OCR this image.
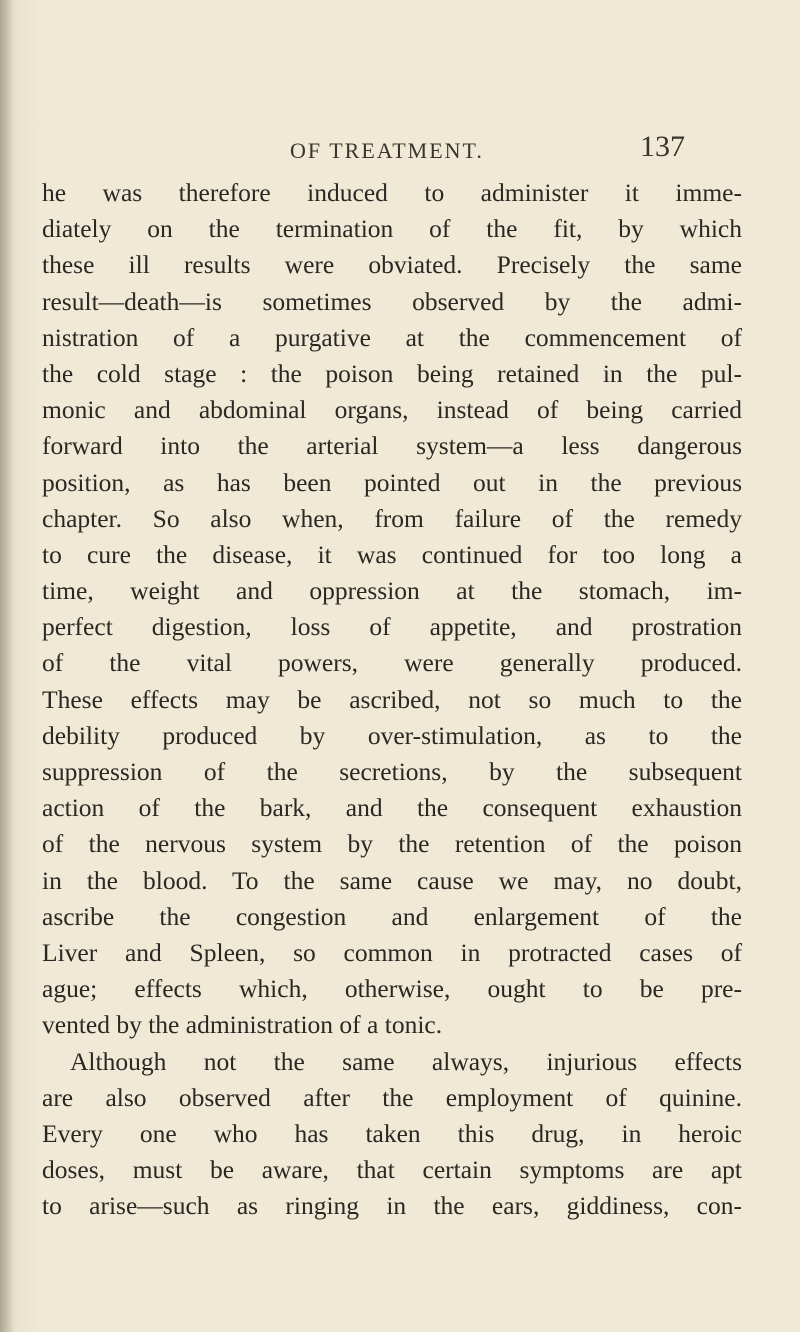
OF TREATMENT.	137
he was therefore induced to administer it imme-
diately on the termination of the fit, by which
these ill results were obviated. Precisely the same
result—death—is sometimes observed by the admi-
nistration of a purgative at the commencement of
the cold stage : the poison being retained in the pul-
monic and abdominal organs, instead of being carried
forward into the arterial system—a less dangerous
position, as has been pointed out in the previous
chapter. So also when, from failure of the remedy
to cure the disease, it was continued for too long a
time, weight and oppression at the stomach, im-
perfect digestion, loss of appetite, and prostration
of the vital powers, were generally produced.
These effects may be ascribed, not so much to the
debility produced by over-stimulation, as to the
suppression of the secretions, by the subsequent
action of the bark, and the consequent exhaustion
of the nervous system by the retention of the poison
in the blood. To the same cause we may, no doubt,
ascribe the congestion and enlargement of the
Liver and Spleen, so common in protracted cases of
ague; effects which, otherwise, ought to be pre-
vented by the administration of a tonic.
Although not the same always, injurious effects
are also observed after the employment of quinine.
Every one who has taken this drug, in heroic
doses, must be aware, that certain symptoms are apt
to arise—such as ringing in the ears, giddiness, con-
